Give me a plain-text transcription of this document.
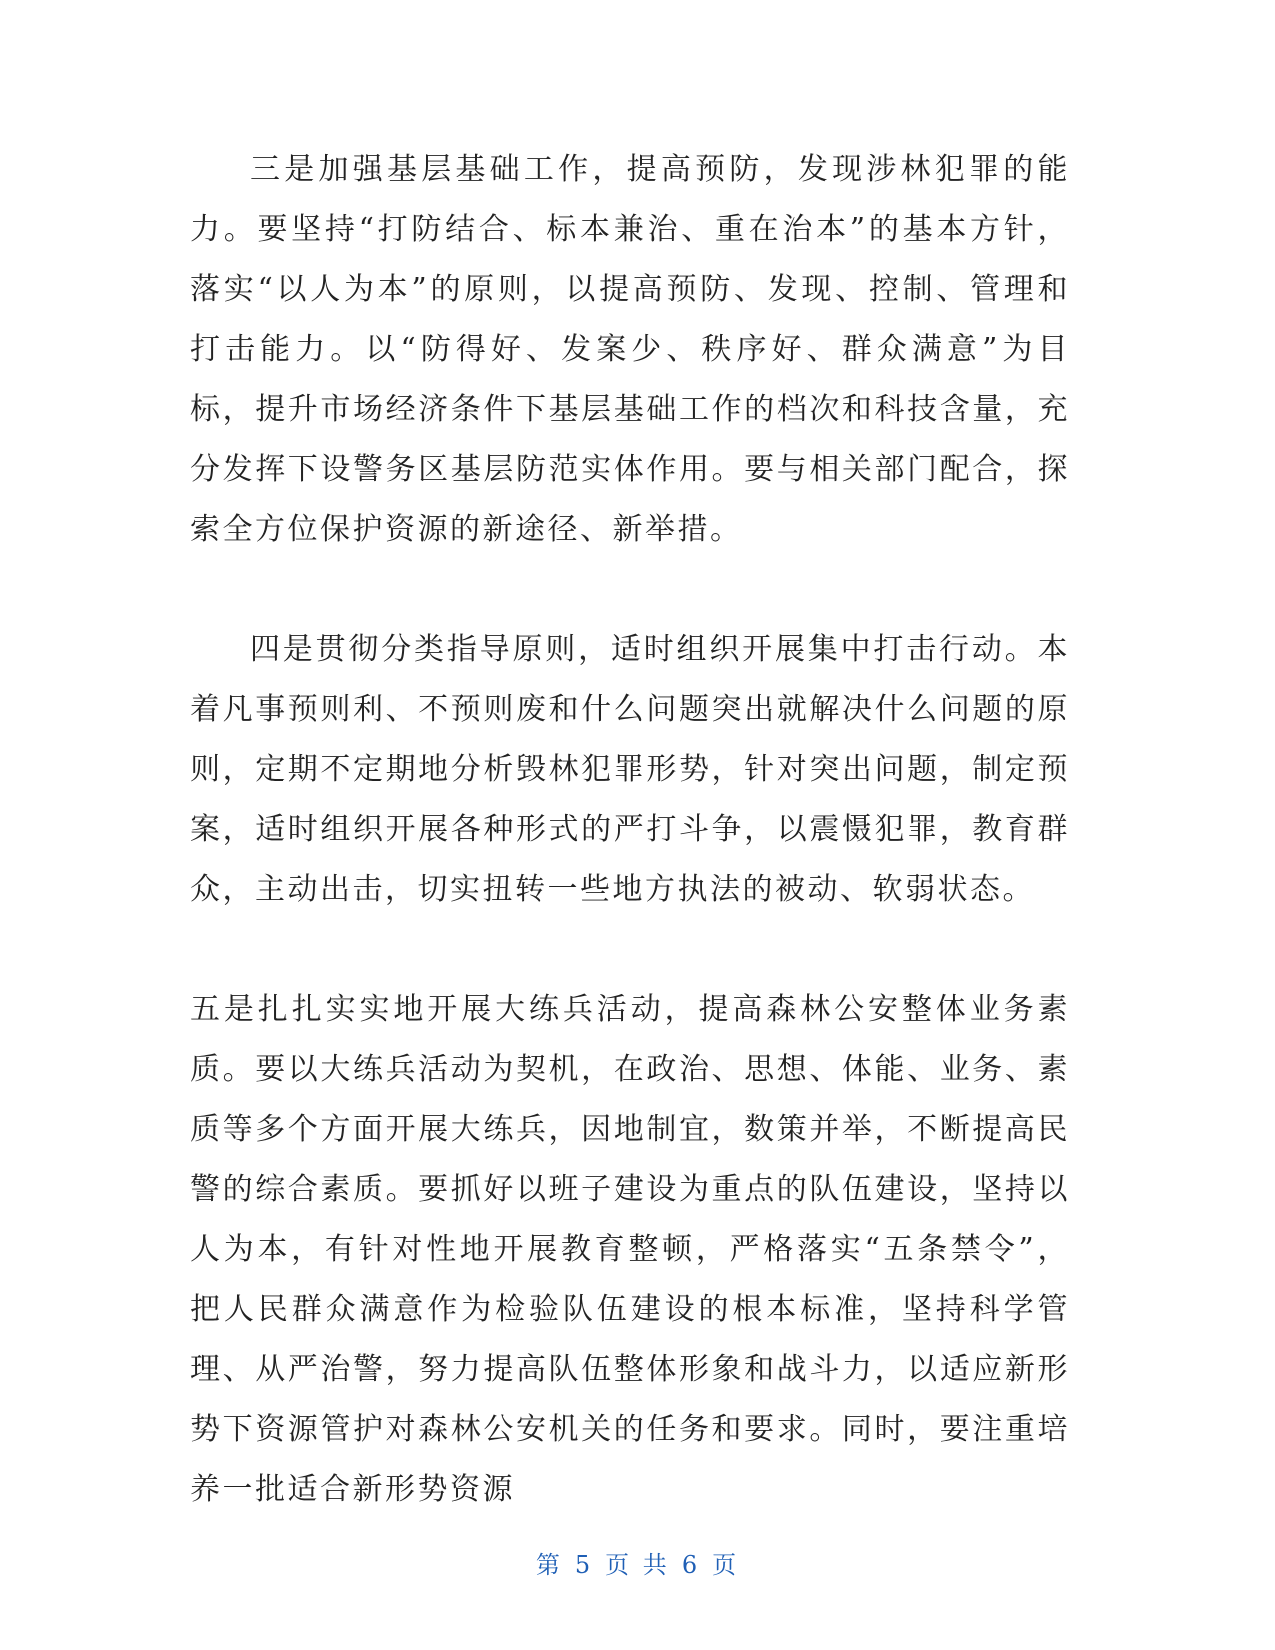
三是加强基层基础工作，提高预防，发现涉林犯罪的能力。要坚持“打防结合、标本兼治、重在治本”的基本方针，落实“以人为本”的原则，以提高预防、发现、控制、管理和打击能力。以“防得好、发案少、秩序好、群众满意”为目标，提升市场经济条件下基层基础工作的档次和科技含量，充分发挥下设警务区基层防范实体作用。要与相关部门配合，探索全方位保护资源的新途径、新举措。

四是贯彻分类指导原则，适时组织开展集中打击行动。本着凡事预则利、不预则废和什么问题突出就解决什么问题的原则，定期不定期地分析毁林犯罪形势，针对突出问题，制定预案，适时组织开展各种形式的严打斗争，以震慑犯罪，教育群众，主动出击，切实扭转一些地方执法的被动、软弱状态。

五是扎扎实实地开展大练兵活动，提高森林公安整体业务素质。要以大练兵活动为契机，在政治、思想、体能、业务、素质等多个方面开展大练兵，因地制宜，数策并举，不断提高民警的综合素质。要抓好以班子建设为重点的队伍建设，坚持以人为本，有针对性地开展教育整顿，严格落实“五条禁令”，把人民群众满意作为检验队伍建设的根本标准，坚持科学管理、从严治警，努力提高队伍整体形象和战斗力，以适应新形势下资源管护对森林公安机关的任务和要求。同时，要注重培养一批适合新形势资源

第 5 页 共 6 页
